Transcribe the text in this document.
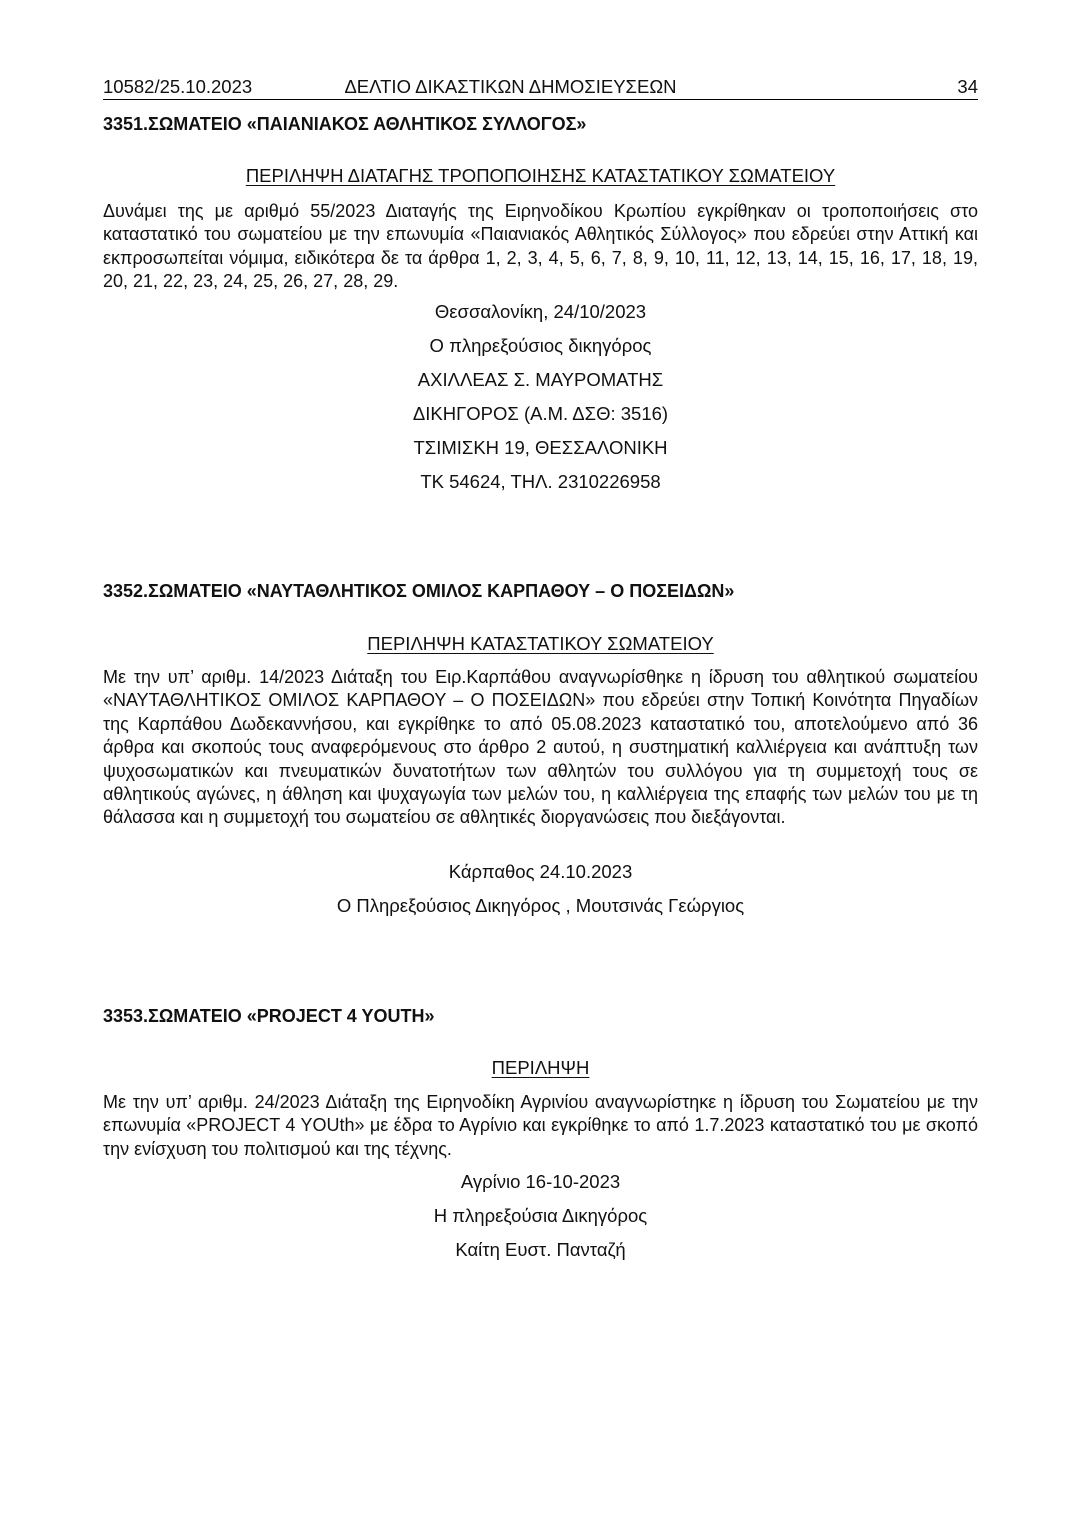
10582/25.10.2023	ΔΕΛΤΙΟ ΔΙΚΑΣΤΙΚΩΝ ΔΗΜΟΣΙΕΥΣΕΩΝ	34
3351.ΣΩΜΑΤΕΙΟ «ΠΑΙΑΝΙΑΚΟΣ ΑΘΛΗΤΙΚΟΣ ΣΥΛΛΟΓΟΣ»
ΠΕΡΙΛΗΨΗ ΔΙΑΤΑΓΗΣ ΤΡΟΠΟΠΟΙΗΣΗΣ ΚΑΤΑΣΤΑΤΙΚΟΥ ΣΩΜΑΤΕΙΟΥ

Δυνάμει της με αριθμό 55/2023 Διαταγής της Ειρηνοδίκου Κρωπίου εγκρίθηκαν οι τροποποιήσεις στο καταστατικό του σωματείου με την επωνυμία «Παιανιακός Αθλητικός Σύλλογος» που εδρεύει στην Αττική και εκπροσωπείται νόμιμα, ειδικότερα δε τα άρθρα 1, 2, 3, 4, 5, 6, 7, 8, 9, 10, 11, 12, 13, 14, 15, 16, 17, 18, 19, 20, 21, 22, 23, 24, 25, 26, 27, 28, 29.

Θεσσαλονίκη, 24/10/2023
Ο πληρεξούσιος δικηγόρος
ΑΧΙΛΛΕΑΣ Σ. ΜΑΥΡΟΜΑΤΗΣ
ΔΙΚΗΓΟΡΟΣ (Α.Μ. ΔΣΘ: 3516)
ΤΣΙΜΙΣΚΗ 19, ΘΕΣΣΑΛΟΝΙΚΗ
ΤΚ 54624, ΤΗΛ. 2310226958
3352.ΣΩΜΑΤΕΙΟ «ΝΑΥΤΑΘΛΗΤΙΚΟΣ ΟΜΙΛΟΣ ΚΑΡΠΑΘΟΥ – Ο ΠΟΣΕΙΔΩΝ»
ΠΕΡΙΛΗΨΗ ΚΑΤΑΣΤΑΤΙΚΟΥ ΣΩΜΑΤΕΙΟΥ

Με την υπ’ αριθμ. 14/2023 Διάταξη του Ειρ.Καρπάθου αναγνωρίσθηκε η ίδρυση του αθλητικού σωματείου «ΝΑΥΤΑΘΛΗΤΙΚΟΣ ΟΜΙΛΟΣ ΚΑΡΠΑΘΟΥ – Ο ΠΟΣΕΙΔΩΝ» που εδρεύει στην Τοπική Κοινότητα Πηγαδίων της Καρπάθου Δωδεκαννήσου, και εγκρίθηκε το από 05.08.2023 καταστατικό του, αποτελούμενο από 36 άρθρα και σκοπούς τους αναφερόμενους στο άρθρο 2 αυτού, η συστηματική καλλιέργεια και ανάπτυξη των ψυχοσωματικών και πνευματικών δυνατοτήτων των αθλητών του συλλόγου για τη συμμετοχή τους σε αθλητικούς αγώνες, η άθληση και ψυχαγωγία των μελών του, η καλλιέργεια της επαφής των μελών του με τη θάλασσα και η συμμετοχή του σωματείου σε αθλητικές διοργανώσεις που διεξάγονται.

Κάρπαθος 24.10.2023
Ο Πληρεξούσιος Δικηγόρος , Μουτσινάς Γεώργιος
3353.ΣΩΜΑΤΕΙΟ «PROJECT 4 YOUTH»
ΠΕΡΙΛΗΨΗ

Με την υπ’ αριθμ. 24/2023 Διάταξη της Ειρηνοδίκη Αγρινίου αναγνωρίστηκε η ίδρυση του Σωματείου με την επωνυμία «PROJECT 4 YOUth» με έδρα το Αγρίνιο και εγκρίθηκε το από 1.7.2023 καταστατικό του με σκοπό την ενίσχυση του πολιτισμού και της τέχνης.

Αγρίνιο 16-10-2023
Η πληρεξούσια Δικηγόρος
Καίτη Ευστ. Πανταζή
